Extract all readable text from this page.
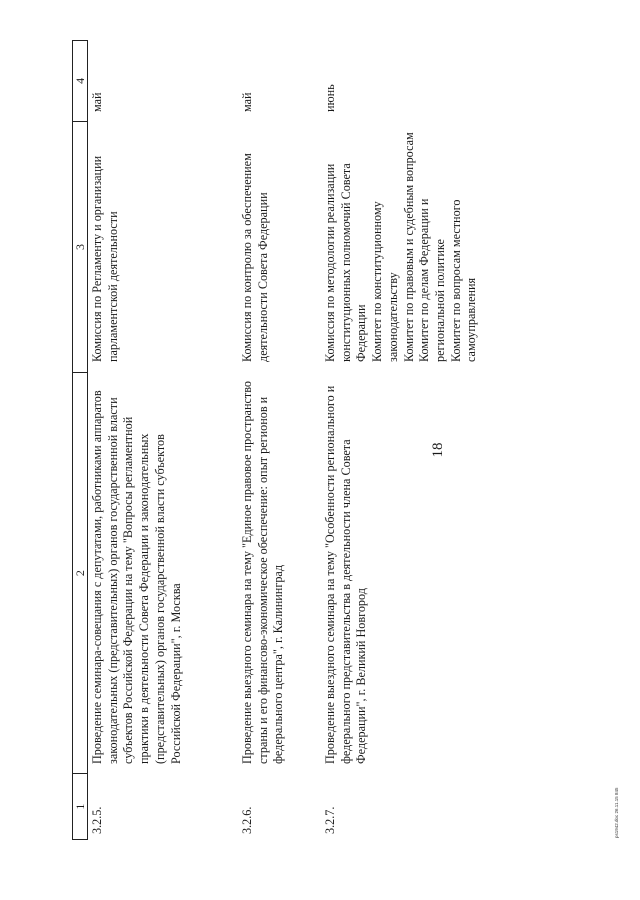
18
1
2
3
4
3.2.5.
Проведение семинара-совещания с депутатами, работниками аппаратов законодательных (представительных) органов государственной власти субъектов Российской Федерации на тему "Вопросы регламентной практики в деятельности Совета Федерации и законодательных (представительных) органов государственной власти субъектов Российской Федерации", г. Москва
Комиссия по Регламенту и организации парламентской деятельности
май
3.2.6.
Проведение выездного семинара на тему "Единое правовое пространство страны и его финансово-экономическое обеспечение: опыт регионов и федерального центра", г. Калининград
Комиссия по контролю за обеспечением деятельности Совета Федерации
май
3.2.7.
Проведение выездного семинара на тему "Особенности регионального и федерального представительства в деятельности члена Совета Федерации", г. Великий Новгород
Комиссия по методологии реализации конституционных полномочий Совета Федерации Комитет по конституционному законодательству Комитет по правовым и судебным вопросам Комитет по делам Федерации и региональной политике Комитет по вопросам местного самоуправления
июнь
ps1942.doc 26.11.15 845
